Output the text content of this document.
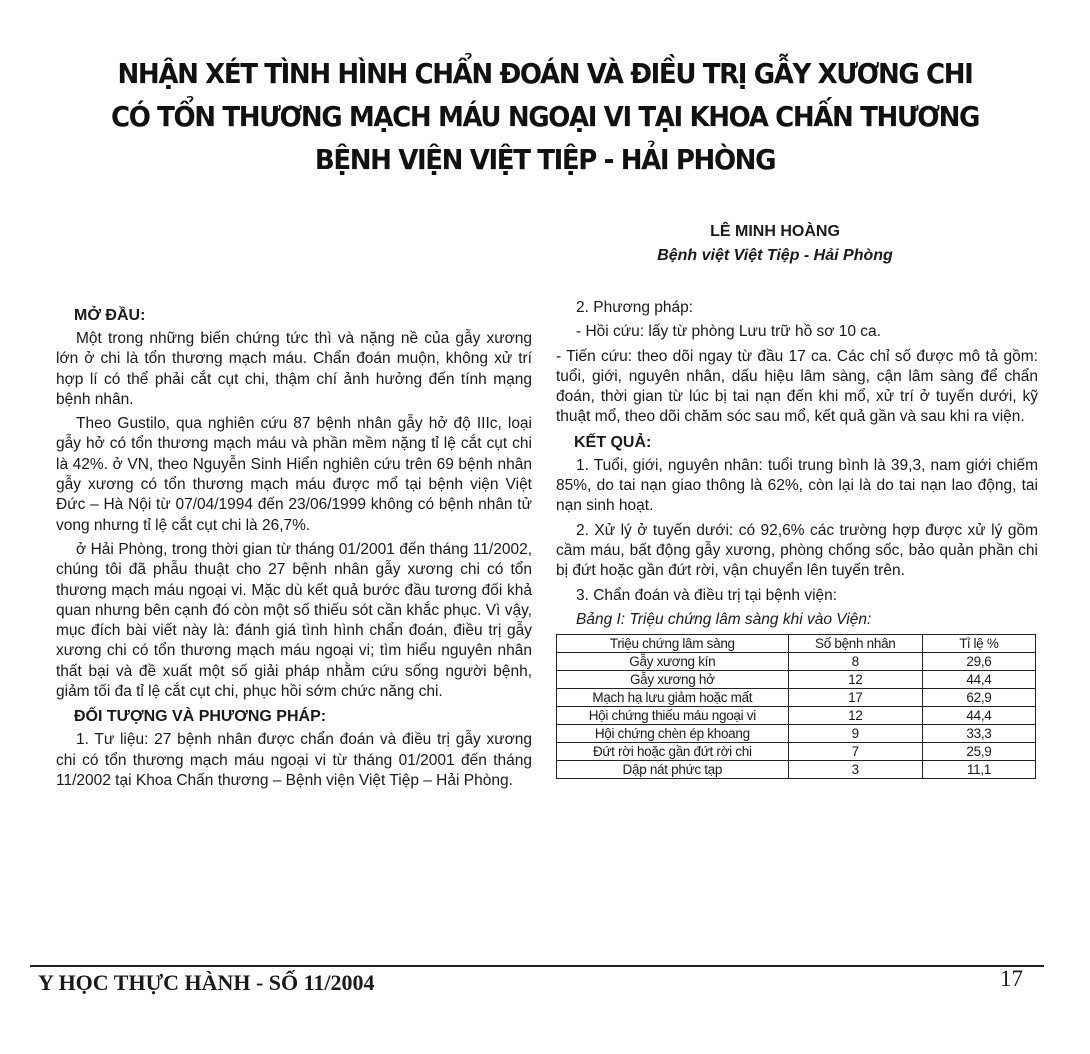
NHẬN XÉT TÌNH HÌNH CHẨN ĐOÁN VÀ ĐIỀU TRỊ GẪY XƯƠNG CHI
CÓ TỔN THƯƠNG MẠCH MÁU NGOẠI VI TẠI KHOA CHẤN THƯƠNG
BỆNH VIỆN VIỆT TIỆP - HẢI PHÒNG
LÊ MINH HOÀNG
Bệnh việt Việt Tiệp - Hải Phòng
MỞ ĐẦU:

Một trong những biến chứng tức thì và nặng nề của gẫy xương lớn ở chi là tổn thương mạch máu. Chẩn đoán muộn, không xử trí hợp lí có thể phải cắt cụt chi, thậm chí ảnh hưởng đến tính mạng bệnh nhân.

Theo Gustilo, qua nghiên cứu 87 bệnh nhân gẫy hở độ IIIc, loại gẫy hở có tổn thương mạch máu và phần mềm nặng tỉ lệ cắt cụt chi là 42%. ở VN, theo Nguyễn Sinh Hiển nghiên cứu trên 69 bệnh nhân gẫy xương có tổn thương mạch máu được mổ tại bệnh viện Việt Đức – Hà Nội từ 07/04/1994 đến 23/06/1999 không có bệnh nhân tử vong nhưng tỉ lệ cắt cụt chi là 26,7%.

ở Hải Phòng, trong thời gian từ tháng 01/2001 đến tháng 11/2002, chúng tôi đã phẫu thuật cho 27 bệnh nhân gẫy xương chi có tổn thương mạch máu ngoại vi. Mặc dù kết quả bước đầu tương đối khả quan nhưng bên cạnh đó còn một số thiếu sót cần khắc phục. Vì vậy, mục đích bài viết này là: đánh giá tình hình chẩn đoán, điều trị gẫy xương chi có tổn thương mạch máu ngoại vi; tìm hiểu nguyên nhân thất bại và đề xuất một số giải pháp nhằm cứu sống người bệnh, giảm tối đa tỉ lệ cắt cụt chi, phục hồi sớm chức năng chi.

ĐỐI TƯỢNG VÀ PHƯƠNG PHÁP:

1. Tư liệu: 27 bệnh nhân được chẩn đoán và điều trị gẫy xương chi có tổn thương mạch máu ngoại vi từ tháng 01/2001 đến tháng 11/2002 tại Khoa Chấn thương – Bệnh viện Việt Tiệp – Hải Phòng.

2. Phương pháp:

- Hồi cứu: lấy từ phòng Lưu trữ hồ sơ 10 ca.

- Tiến cứu: theo dõi ngay từ đầu 17 ca. Các chỉ số được mô tả gồm: tuổi, giới, nguyên nhân, dấu hiệu lâm sàng, cận lâm sàng để chẩn đoán, thời gian từ lúc bị tai nạn đến khi mổ, xử trí ở tuyến dưới, kỹ thuật mổ, theo dõi chăm sóc sau mổ, kết quả gần và sau khi ra viện.

KẾT QUẢ:

1. Tuổi, giới, nguyên nhân: tuổi trung bình là 39,3, nam giới chiếm 85%, do tai nạn giao thông là 62%, còn lại là do tai nạn lao động, tai nạn sinh hoạt.

2. Xử lý ở tuyến dưới: có 92,6% các trường hợp được xử lý gồm cầm máu, bất động gẫy xương, phòng chống sốc, bảo quản phần chi bị đứt hoặc gần đứt rời, vận chuyển lên tuyến trên.

3. Chẩn đoán và điều trị tại bệnh viện:

Bảng I: Triệu chứng lâm sàng khi vào Viện:

Triệu chứng lâm sàng	Số bệnh nhân	Tỉ lệ %
Gẫy xương kín	8	29,6
Gẫy xương hở	12	44,4
Mạch hạ lưu giảm hoặc mất	17	62,9
Hội chứng thiếu máu ngoại vi	12	44,4
Hội chứng chèn ép khoang	9	33,3
Đứt rời hoặc gần đứt rời chi	7	25,9
Dập nát phức tạp	3	11,1
Y HỌC THỰC HÀNH - SỐ 11/2004	17
